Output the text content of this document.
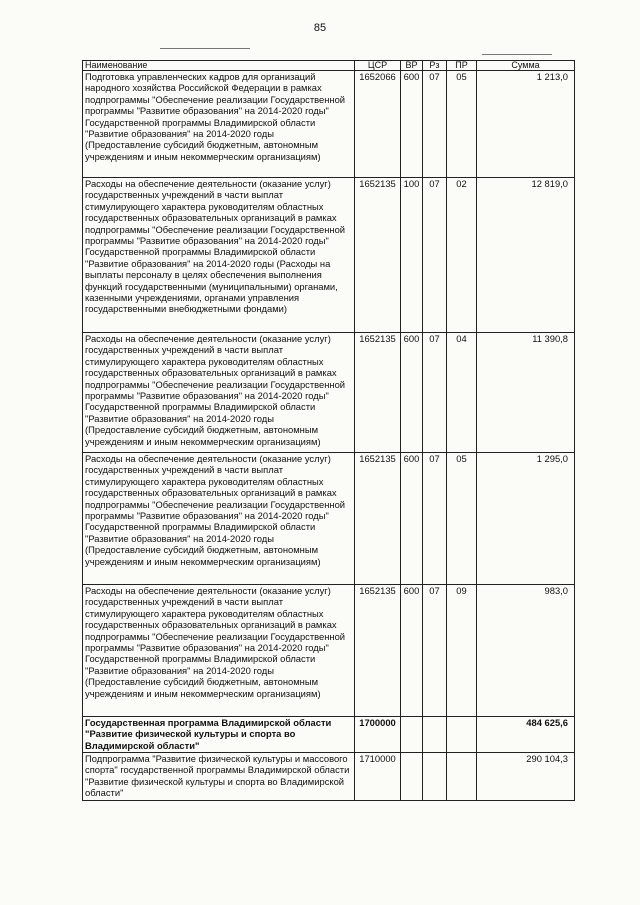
85
Наименование	ЦСР	ВР	Рз	ПР	Сумма
Подготовка управленческих кадров для организаций народного хозяйства Российской Федерации в рамках подпрограммы "Обеспечение реализации Государственной программы "Развитие образования" на 2014-2020 годы" Государственной программы Владимирской области "Развитие образования" на 2014-2020 годы (Предоставление субсидий бюджетным, автономным учреждениям и иным некоммерческим организациям)	1652066	600	07	05	1 213,0
Расходы на обеспечение деятельности (оказание услуг) государственных учреждений в части выплат стимулирующего характера руководителям областных государственных образовательных организаций в рамках подпрограммы "Обеспечение реализации Государственной программы "Развитие образования" на 2014-2020 годы" Государственной программы Владимирской области "Развитие образования" на 2014-2020 годы (Расходы на выплаты персоналу в целях обеспечения выполнения функций государственными (муниципальными) органами, казенными учреждениями, органами управления государственными внебюджетными фондами)	1652135	100	07	02	12 819,0
Расходы на обеспечение деятельности (оказание услуг) государственных учреждений в части выплат стимулирующего характера руководителям областных государственных образовательных организаций в рамках подпрограммы "Обеспечение реализации Государственной программы "Развитие образования" на 2014-2020 годы" Государственной программы Владимирской области "Развитие образования" на 2014-2020 годы (Предоставление субсидий бюджетным, автономным учреждениям и иным некоммерческим организациям)	1652135	600	07	04	11 390,8
Расходы на обеспечение деятельности (оказание услуг) государственных учреждений в части выплат стимулирующего характера руководителям областных государственных образовательных организаций в рамках подпрограммы "Обеспечение реализации Государственной программы "Развитие образования" на 2014-2020 годы" Государственной программы Владимирской области "Развитие образования" на 2014-2020 годы (Предоставление субсидий бюджетным, автономным учреждениям и иным некоммерческим организациям)	1652135	600	07	05	1 295,0
Расходы на обеспечение деятельности (оказание услуг) государственных учреждений в части выплат стимулирующего характера руководителям областных государственных образовательных организаций в рамках подпрограммы "Обеспечение реализации Государственной программы "Развитие образования" на 2014-2020 годы" Государственной программы Владимирской области "Развитие образования" на 2014-2020 годы (Предоставление субсидий бюджетным, автономным учреждениям и иным некоммерческим организациям)	1652135	600	07	09	983,0
Государственная программа Владимирской области "Развитие физической культуры и спорта во Владимирской области"	1700000				484 625,6
Подпрограмма "Развитие физической культуры и массового спорта" государственной программы Владимирской области "Развитие физической культуры и спорта во Владимирской области"	1710000				290 104,3
